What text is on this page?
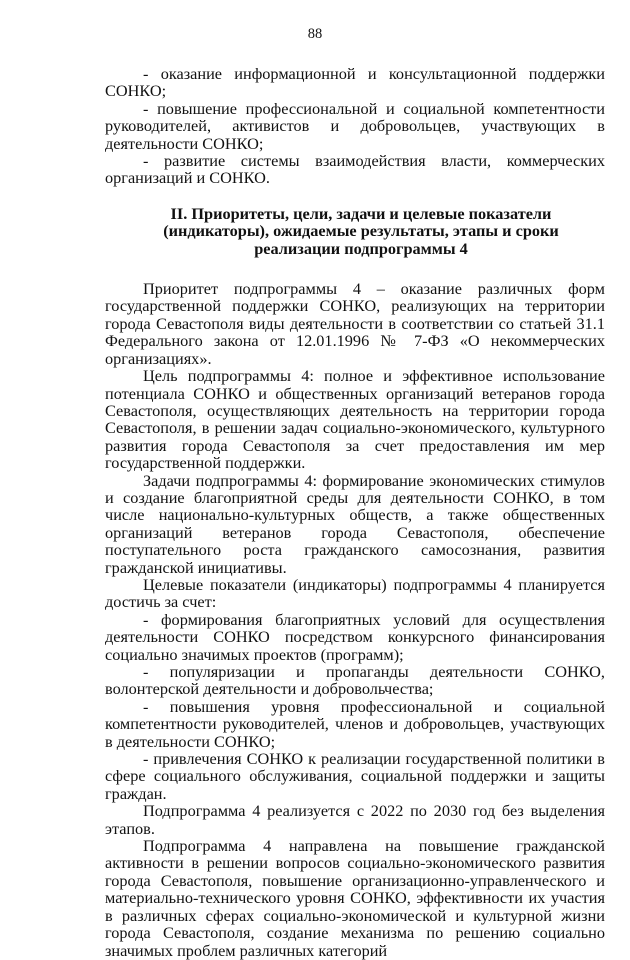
88

- оказание информационной и консультационной поддержки СОНКО;

- повышение профессиональной и социальной компетентности руководителей, активистов и добровольцев, участвующих в деятельности СОНКО;

- развитие системы взаимодействия власти, коммерческих организаций и СОНКО.

II. Приоритеты, цели, задачи и целевые показатели (индикаторы), ожидаемые результаты, этапы и сроки реализации подпрограммы 4

Приоритет подпрограммы 4 – оказание различных форм государственной поддержки СОНКО, реализующих на территории города Севастополя виды деятельности в соответствии со статьей 31.1 Федерального закона от 12.01.1996 № 7-ФЗ «О некоммерческих организациях».

Цель подпрограммы 4: полное и эффективное использование потенциала СОНКО и общественных организаций ветеранов города Севастополя, осуществляющих деятельность на территории города Севастополя, в решении задач социально-экономического, культурного развития города Севастополя за счет предоставления им мер государственной поддержки.

Задачи подпрограммы 4: формирование экономических стимулов и создание благоприятной среды для деятельности СОНКО, в том числе национально-культурных обществ, а также общественных организаций ветеранов города Севастополя, обеспечение поступательного роста гражданского самосознания, развития гражданской инициативы.

Целевые показатели (индикаторы) подпрограммы 4 планируется достичь за счет:

- формирования благоприятных условий для осуществления деятельности СОНКО посредством конкурсного финансирования социально значимых проектов (программ);

- популяризации и пропаганды деятельности СОНКО, волонтерской деятельности и добровольчества;

- повышения уровня профессиональной и социальной компетентности руководителей, членов и добровольцев, участвующих в деятельности СОНКО;

- привлечения СОНКО к реализации государственной политики в сфере социального обслуживания, социальной поддержки и защиты граждан.

Подпрограмма 4 реализуется с 2022 по 2030 год без выделения этапов.

Подпрограмма 4 направлена на повышение гражданской активности в решении вопросов социально-экономического развития города Севастополя, повышение организационно-управленческого и материально-технического уровня СОНКО, эффективности их участия в различных сферах социально-экономической и культурной жизни города Севастополя, создание механизма по решению социально значимых проблем различных категорий
